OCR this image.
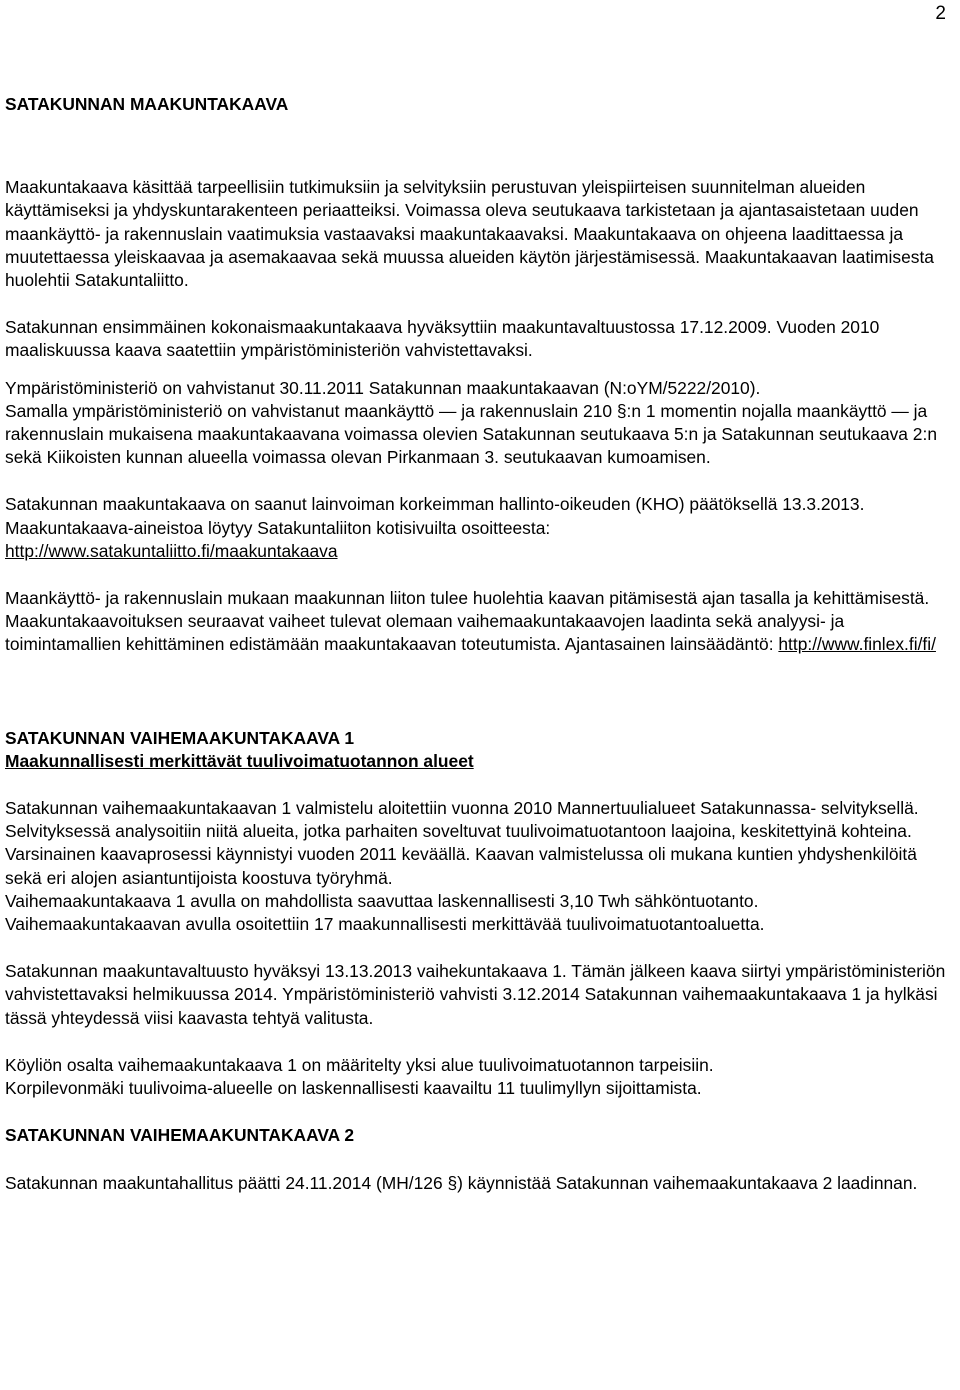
2
SATAKUNNAN MAAKUNTAKAAVA

Maakuntakaava käsittää tarpeellisiin tutkimuksiin ja selvityksiin perustuvan yleispiirteisen suunnitelman alueiden käyttämiseksi ja yhdyskuntarakenteen periaatteiksi. Voimassa oleva seutukaava tarkistetaan ja ajantasaistetaan uuden maankäyttö- ja rakennuslain vaatimuksia vastaavaksi maakuntakaavaksi. Maakuntakaava on ohjeena laadittaessa ja muutettaessa yleiskaavaa ja asemakaavaa sekä muussa alueiden käytön järjestämisessä. Maakuntakaavan laatimisesta huolehtii Satakuntaliitto.

Satakunnan ensimmäinen kokonaismaakuntakaava hyväksyttiin maakuntavaltuustossa 17.12.2009. Vuoden 2010 maaliskuussa kaava saatettiin ympäristöministeriön vahvistettavaksi.

Ympäristöministeriö on vahvistanut 30.11.2011 Satakunnan maakuntakaavan (N:oYM/5222/2010).

Samalla ympäristöministeriö on vahvistanut maankäyttö — ja rakennuslain 210 §:n 1 momentin nojalla maankäyttö — ja rakennuslain mukaisena maakuntakaavana voimassa olevien Satakunnan seutukaava 5:n ja Satakunnan seutukaava 2:n sekä Kiikoisten kunnan alueella voimassa olevan Pirkanmaan 3. seutukaavan kumoamisen.

Satakunnan maakuntakaava on saanut lainvoiman korkeimman hallinto-oikeuden (KHO) päätöksellä 13.3.2013. Maakuntakaava-aineistoa löytyy Satakuntaliiton kotisivuilta osoitteesta:
http://www.satakuntaliitto.fi/maakuntakaava

Maankäyttö- ja rakennuslain mukaan maakunnan liiton tulee huolehtia kaavan pitämisestä ajan tasalla ja kehittämisestä. Maakuntakaavoituksen seuraavat vaiheet tulevat olemaan vaihemaakuntakaavojen laadinta sekä analyysi- ja toimintamallien kehittäminen edistämään maakuntakaavan toteutumista. Ajantasainen lainsäädäntö: http://www.finlex.fi/fi/

SATAKUNNAN VAIHEMAAKUNTAKAAVA 1
Maakunnallisesti merkittävät tuulivoimatuotannon alueet

Satakunnan vaihemaakuntakaavan 1 valmistelu aloitettiin vuonna 2010 Mannertuulialueet Satakunnassa- selvityksellä. Selvityksessä analysoitiin niitä alueita, jotka parhaiten soveltuvat tuulivoimatuotantoon laajoina, keskitettyinä kohteina. Varsinainen kaavaprosessi käynnistyi vuoden 2011 keväällä. Kaavan valmistelussa oli mukana kuntien yhdyshenkilöitä sekä eri alojen asiantuntijoista koostuva työryhmä.

Vaihemaakuntakaava 1 avulla on mahdollista saavuttaa laskennallisesti 3,10 Twh sähköntuotanto.

Vaihemaakuntakaavan avulla osoitettiin 17 maakunnallisesti merkittävää tuulivoimatuotantoaluetta.

Satakunnan maakuntavaltuusto hyväksyi 13.13.2013 vaihekuntakaava 1. Tämän jälkeen kaava siirtyi ympäristöministeriön vahvistettavaksi helmikuussa 2014. Ympäristöministeriö vahvisti 3.12.2014 Satakunnan vaihemaakuntakaava 1 ja hylkäsi tässä yhteydessä viisi kaavasta tehtyä valitusta.

Köyliön osalta vaihemaakuntakaava 1 on määritelty yksi alue tuulivoimatuotannon tarpeisiin.

Korpilevonmäki tuulivoima-alueelle on laskennallisesti kaavailtu 11 tuulimyllyn sijoittamista.

SATAKUNNAN VAIHEMAAKUNTAKAAVA 2

Satakunnan maakuntahallitus päätti 24.11.2014 (MH/126 §) käynnistää Satakunnan vaihemaakuntakaava 2 laadinnan.
